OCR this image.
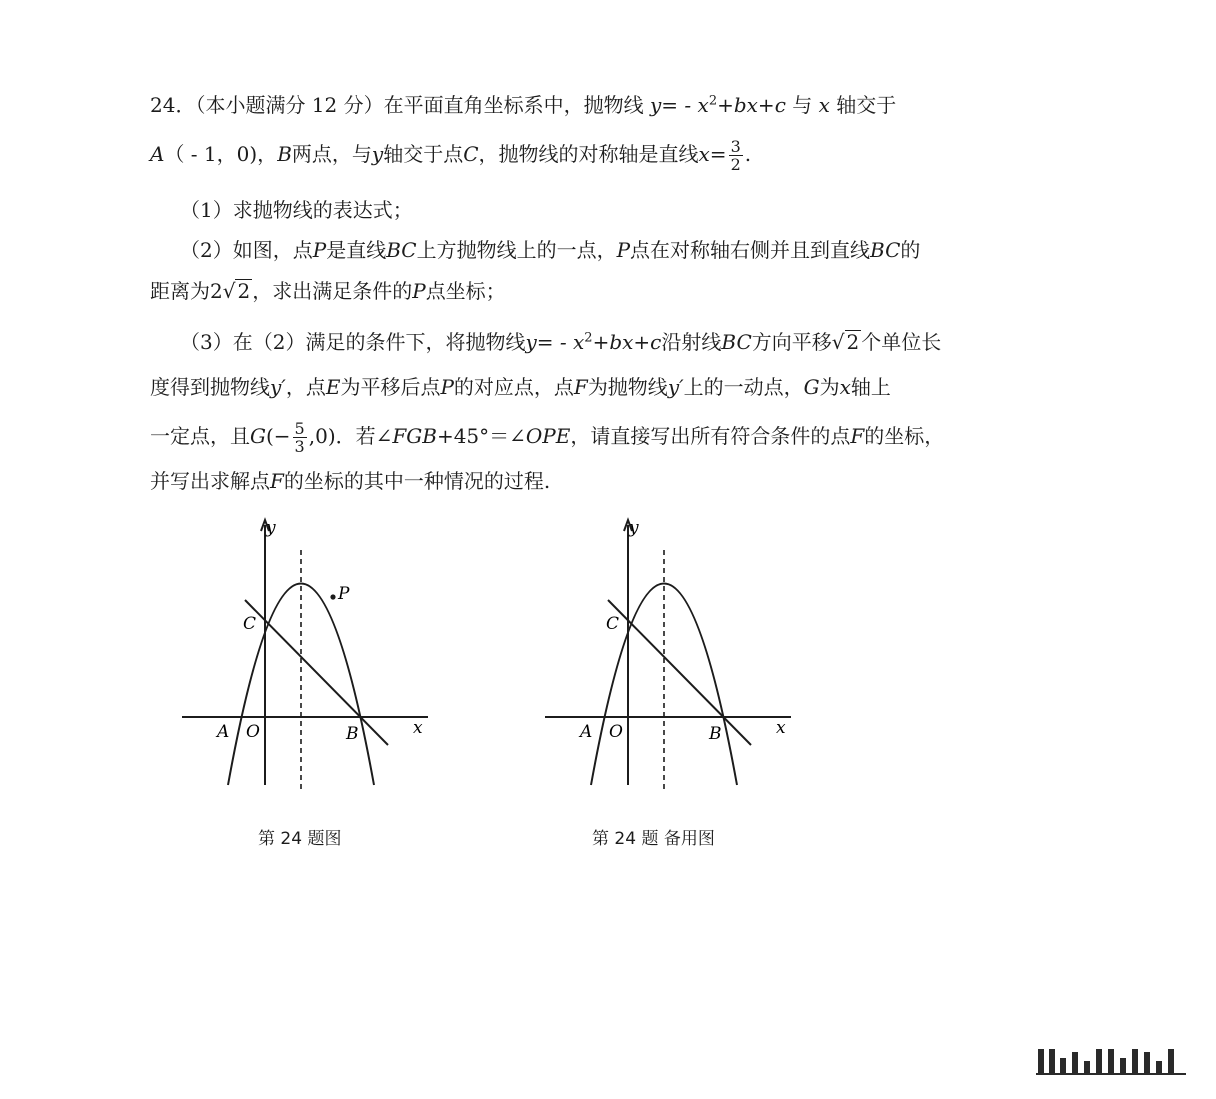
24．（本小题满分 12 分）在平面直角坐标系中，抛物线 $y= - x^2+bx+c$ 与 x 轴交于
A（ - 1，0)，B两点，与y轴交于点C，抛物线的对称轴是直线$x= \frac{3}{2}$ .
（1）求抛物线的表达式；
（2）如图，点P是直线BC上方抛物线上的一点，P点在对称轴右侧并且到直线BC的
距离为2√ 2 ，求出满足条件的P点坐标；
（3）在（2）满足的条件下，将抛物线$y= - x^2+bx+c$沿射线BC方向平移√ 2 个单位长
度得到抛物线y′，点E为平移后点P的对应点，点F为抛物线y′上的一动点，G为x轴上
一定点，且$G(- \frac{5}{3} ,0)$．若∠FGB+45°＝∠OPE，请直接写出所有符合条件的点F的坐标，
并写出求解点F的坐标的其中一种情况的过程.
y
x
A O	B
C
P
第 24 题图
y
x
A O	B
C
第 24 题 备用图
